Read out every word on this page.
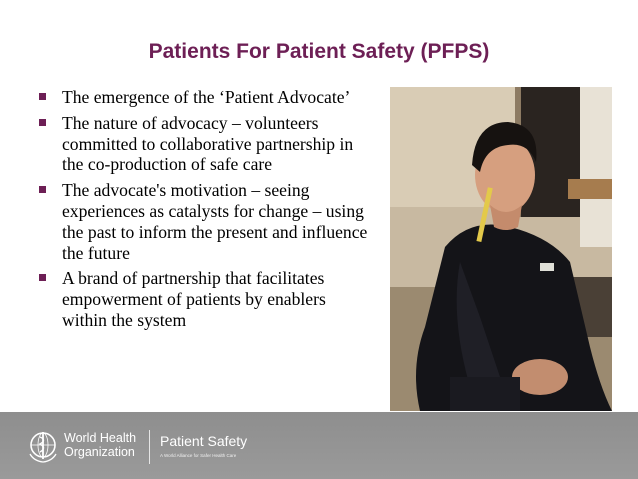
Patients For Patient Safety (PFPS)
The emergence of the ‘Patient Advocate’
The nature of advocacy – volunteers committed to collaborative partnership in the co-production of safe care
The advocate's motivation – seeing experiences as catalysts for change – using the past to inform the present and influence the future
A brand of partnership that facilitates empowerment of patients by enablers within the system
World Health
Organization
Patient Safety
A World Alliance for Safer Health Care
